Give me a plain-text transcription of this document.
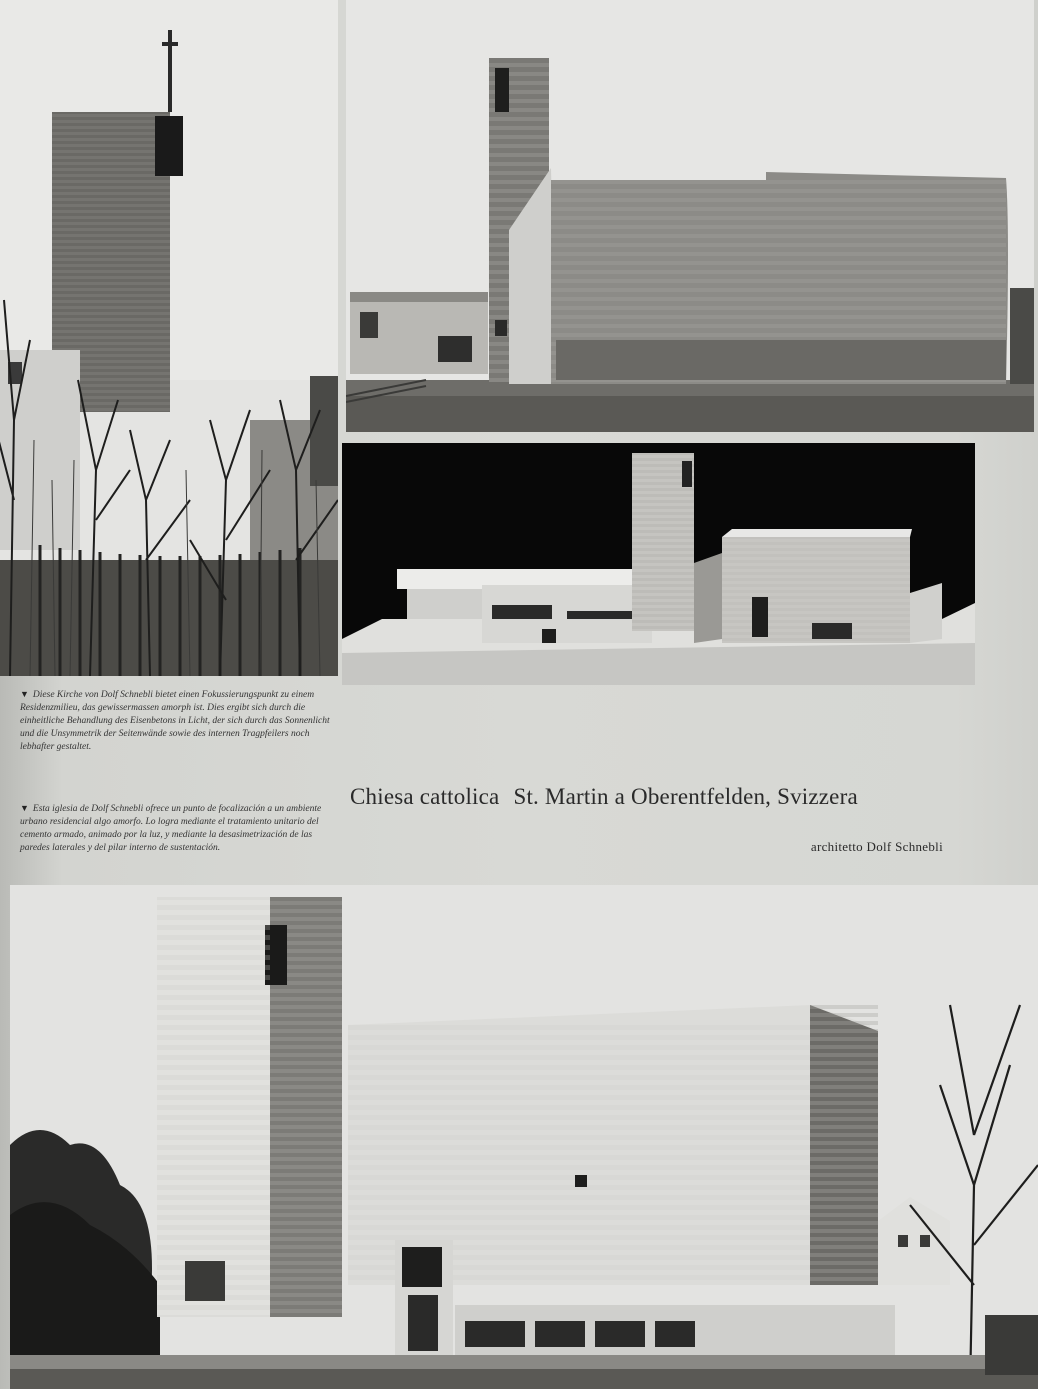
▼ Diese Kirche von Dolf Schnebli bietet einen Fokussierungspunkt zu einem Residenzmilieu, das gewissermassen amorph ist. Dies ergibt sich durch die einheitliche Behandlung des Eisenbetons in Licht, der sich durch das Sonnenlicht und die Unsymmetrik der Seitenwände sowie des internen Tragpfeilers noch lebhafter gestaltet.
▼ Esta iglesia de Dolf Schnebli ofrece un punto de focalización a un ambiente urbano residencial algo amorfo. Lo logra mediante el tratamiento unitario del cemento armado, animado por la luz, y mediante la desasimetrización de las paredes laterales y del pilar interno de sustentación.
Chiesa cattolica St. Martin a Oberentfelden, Svizzera
architetto Dolf Schnebli
